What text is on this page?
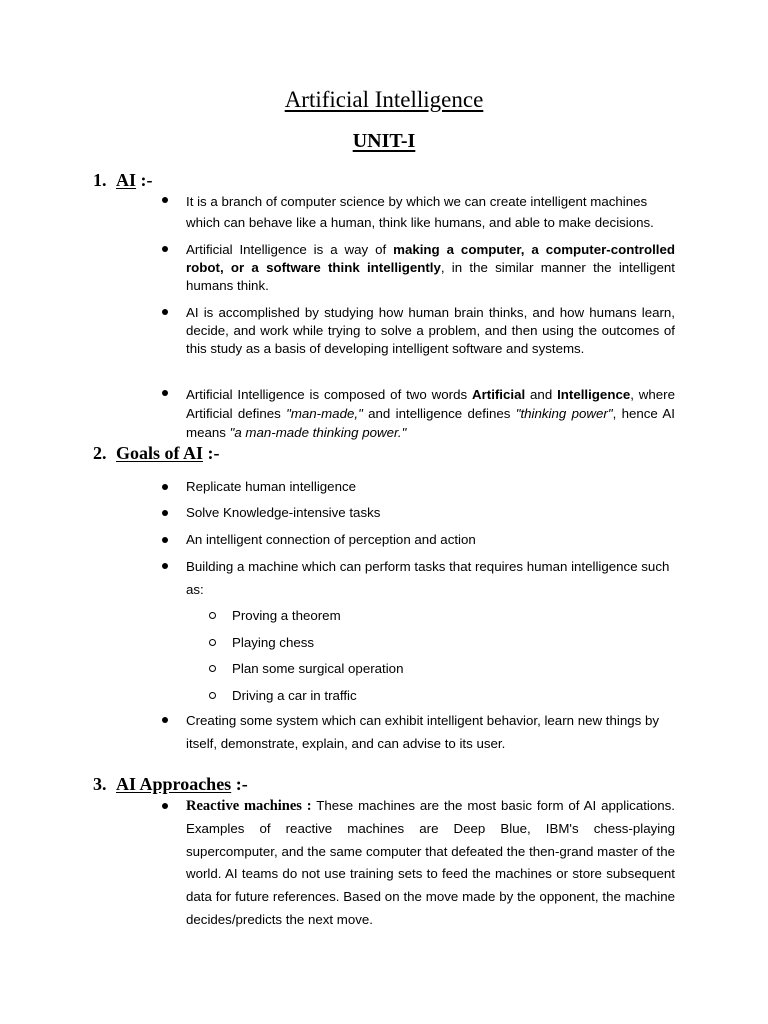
Artificial Intelligence
UNIT-I
1. AI :-
It is a branch of computer science by which we can create intelligent machines which can behave like a human, think like humans, and able to make decisions.
Artificial Intelligence is a way of making a computer, a computer-controlled robot, or a software think intelligently, in the similar manner the intelligent humans think.
AI is accomplished by studying how human brain thinks, and how humans learn, decide, and work while trying to solve a problem, and then using the outcomes of this study as a basis of developing intelligent software and systems.
Artificial Intelligence is composed of two words Artificial and Intelligence, where Artificial defines "man-made," and intelligence defines "thinking power", hence AI means "a man-made thinking power."
2. Goals of AI :-
Replicate human intelligence
Solve Knowledge-intensive tasks
An intelligent connection of perception and action
Building a machine which can perform tasks that requires human intelligence such as:
Proving a theorem
Playing chess
Plan some surgical operation
Driving a car in traffic
Creating some system which can exhibit intelligent behavior, learn new things by itself, demonstrate, explain, and can advise to its user.
3. AI Approaches :-
Reactive machines : These machines are the most basic form of AI applications. Examples of reactive machines are Deep Blue, IBM's chess-playing supercomputer, and the same computer that defeated the then-grand master of the world. AI teams do not use training sets to feed the machines or store subsequent data for future references. Based on the move made by the opponent, the machine decides/predicts the next move.
